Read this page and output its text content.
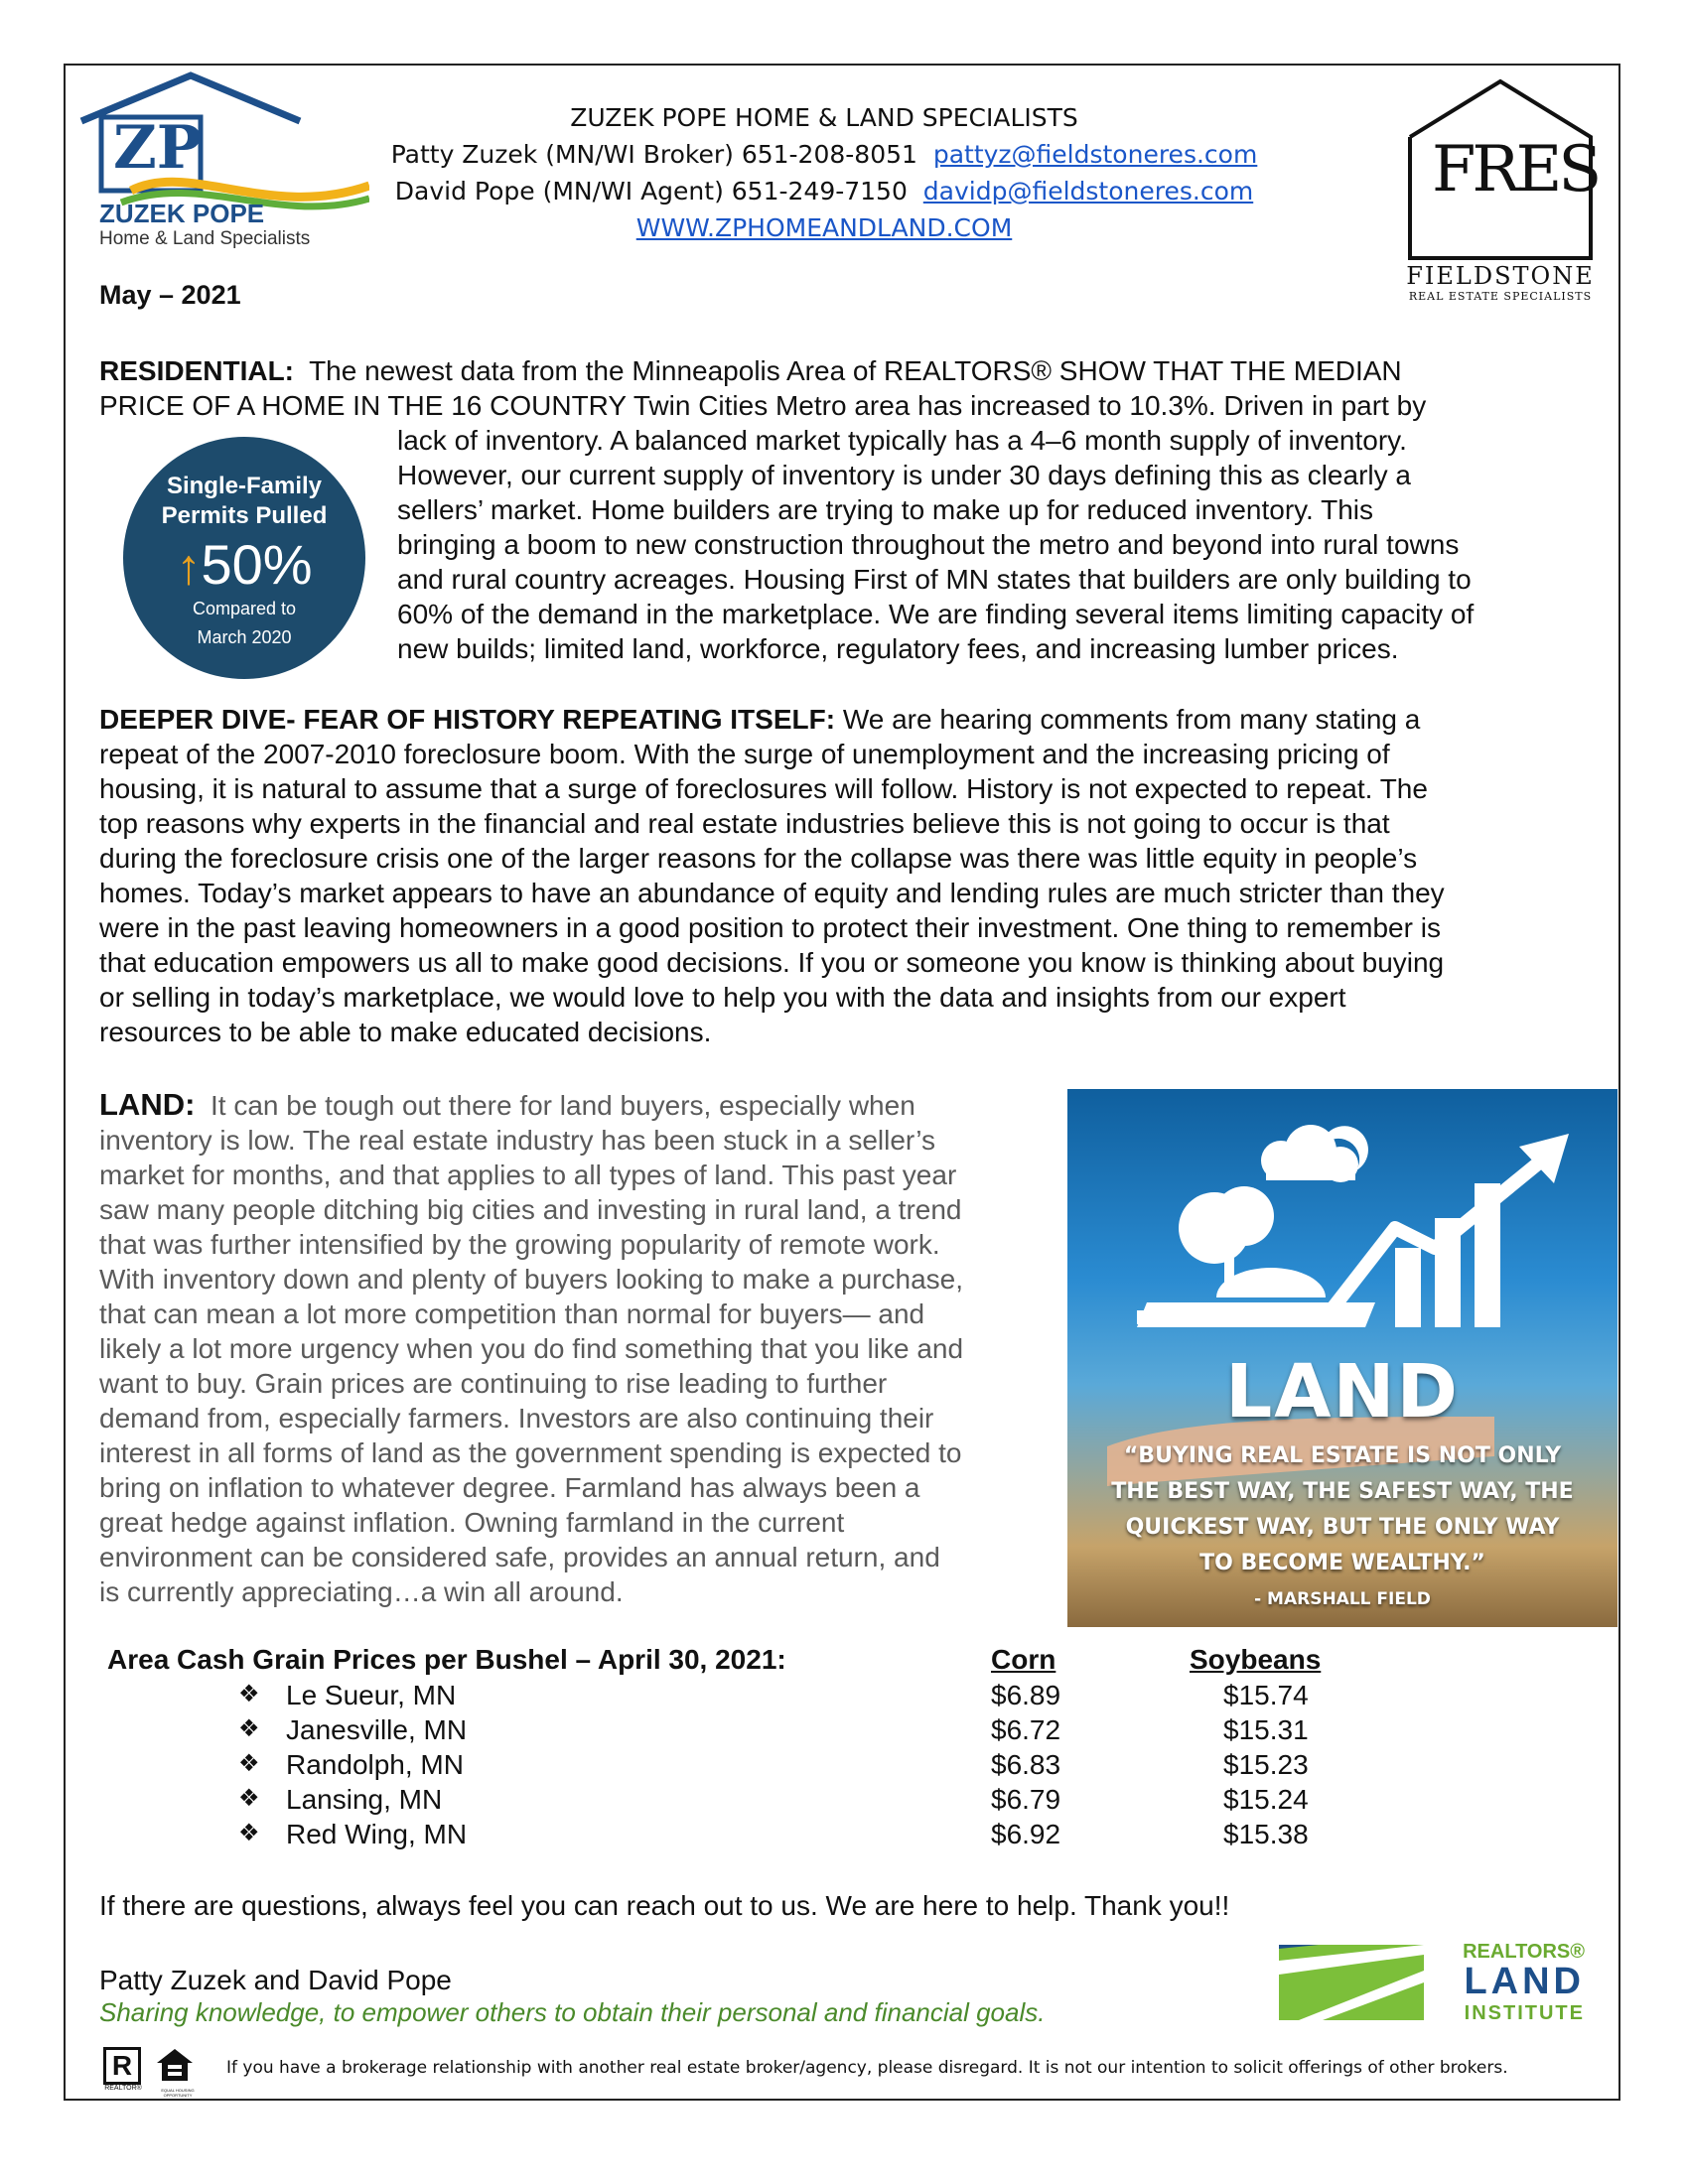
ZP
ZUZEK POPE
Home & Land Specialists
ZUZEK POPE HOME & LAND SPECIALISTS
Patty Zuzek (MN/WI Broker) 651-208-8051 pattyz@fieldstoneres.com
David Pope (MN/WI Agent) 651-249-7150 davidp@fieldstoneres.com
WWW.ZPHOMEANDLAND.COM
FRES
FIELDSTONE
REAL ESTATE SPECIALISTS
May – 2021
RESIDENTIAL: The newest data from the Minneapolis Area of REALTORS® SHOW THAT THE MEDIAN
PRICE OF A HOME IN THE 16 COUNTRY Twin Cities Metro area has increased to 10.3%. Driven in part by
lack of inventory. A balanced market typically has a 4–6 month supply of inventory.
However, our current supply of inventory is under 30 days defining this as clearly a
sellers’ market. Home builders are trying to make up for reduced inventory. This
bringing a boom to new construction throughout the metro and beyond into rural towns
and rural country acreages. Housing First of MN states that builders are only building to
60% of the demand in the marketplace. We are finding several items limiting capacity of
new builds; limited land, workforce, regulatory fees, and increasing lumber prices.
Single-Family
Permits Pulled
↑50%
Compared to
March 2020
DEEPER DIVE- FEAR OF HISTORY REPEATING ITSELF: We are hearing comments from many stating a
repeat of the 2007-2010 foreclosure boom. With the surge of unemployment and the increasing pricing of
housing, it is natural to assume that a surge of foreclosures will follow. History is not expected to repeat. The
top reasons why experts in the financial and real estate industries believe this is not going to occur is that
during the foreclosure crisis one of the larger reasons for the collapse was there was little equity in people’s
homes. Today’s market appears to have an abundance of equity and lending rules are much stricter than they
were in the past leaving homeowners in a good position to protect their investment. One thing to remember is
that education empowers us all to make good decisions. If you or someone you know is thinking about buying
or selling in today’s marketplace, we would love to help you with the data and insights from our expert
resources to be able to make educated decisions.
LAND: It can be tough out there for land buyers, especially when
inventory is low. The real estate industry has been stuck in a seller’s
market for months, and that applies to all types of land. This past year
saw many people ditching big cities and investing in rural land, a trend
that was further intensified by the growing popularity of remote work.
With inventory down and plenty of buyers looking to make a purchase,
that can mean a lot more competition than normal for buyers— and
likely a lot more urgency when you do find something that you like and
want to buy. Grain prices are continuing to rise leading to further
demand from, especially farmers. Investors are also continuing their
interest in all forms of land as the government spending is expected to
bring on inflation to whatever degree. Farmland has always been a
great hedge against inflation. Owning farmland in the current
environment can be considered safe, provides an annual return, and
is currently appreciating…a win all around.
LAND
“BUYING REAL ESTATE IS NOT ONLY
THE BEST WAY, THE SAFEST WAY, THE
QUICKEST WAY, BUT THE ONLY WAY
TO BECOME WEALTHY.”
- MARSHALL FIELD
Area Cash Grain Prices per Bushel – April 30, 2021:	Corn	Soybeans
❖ Le Sueur, MN	$6.89	$15.74
❖ Janesville, MN	$6.72	$15.31
❖ Randolph, MN	$6.83	$15.23
❖ Lansing, MN	$6.79	$15.24
❖ Red Wing, MN	$6.92	$15.38
If there are questions, always feel you can reach out to us. We are here to help. Thank you!!
Patty Zuzek and David Pope
Sharing knowledge, to empower others to obtain their personal and financial goals.
REALTORS®
LAND
INSTITUTE
R
REALTOR®	EQUAL HOUSING OPPORTUNITY
If you have a brokerage relationship with another real estate broker/agency, please disregard. It is not our intention to solicit offerings of other brokers.
